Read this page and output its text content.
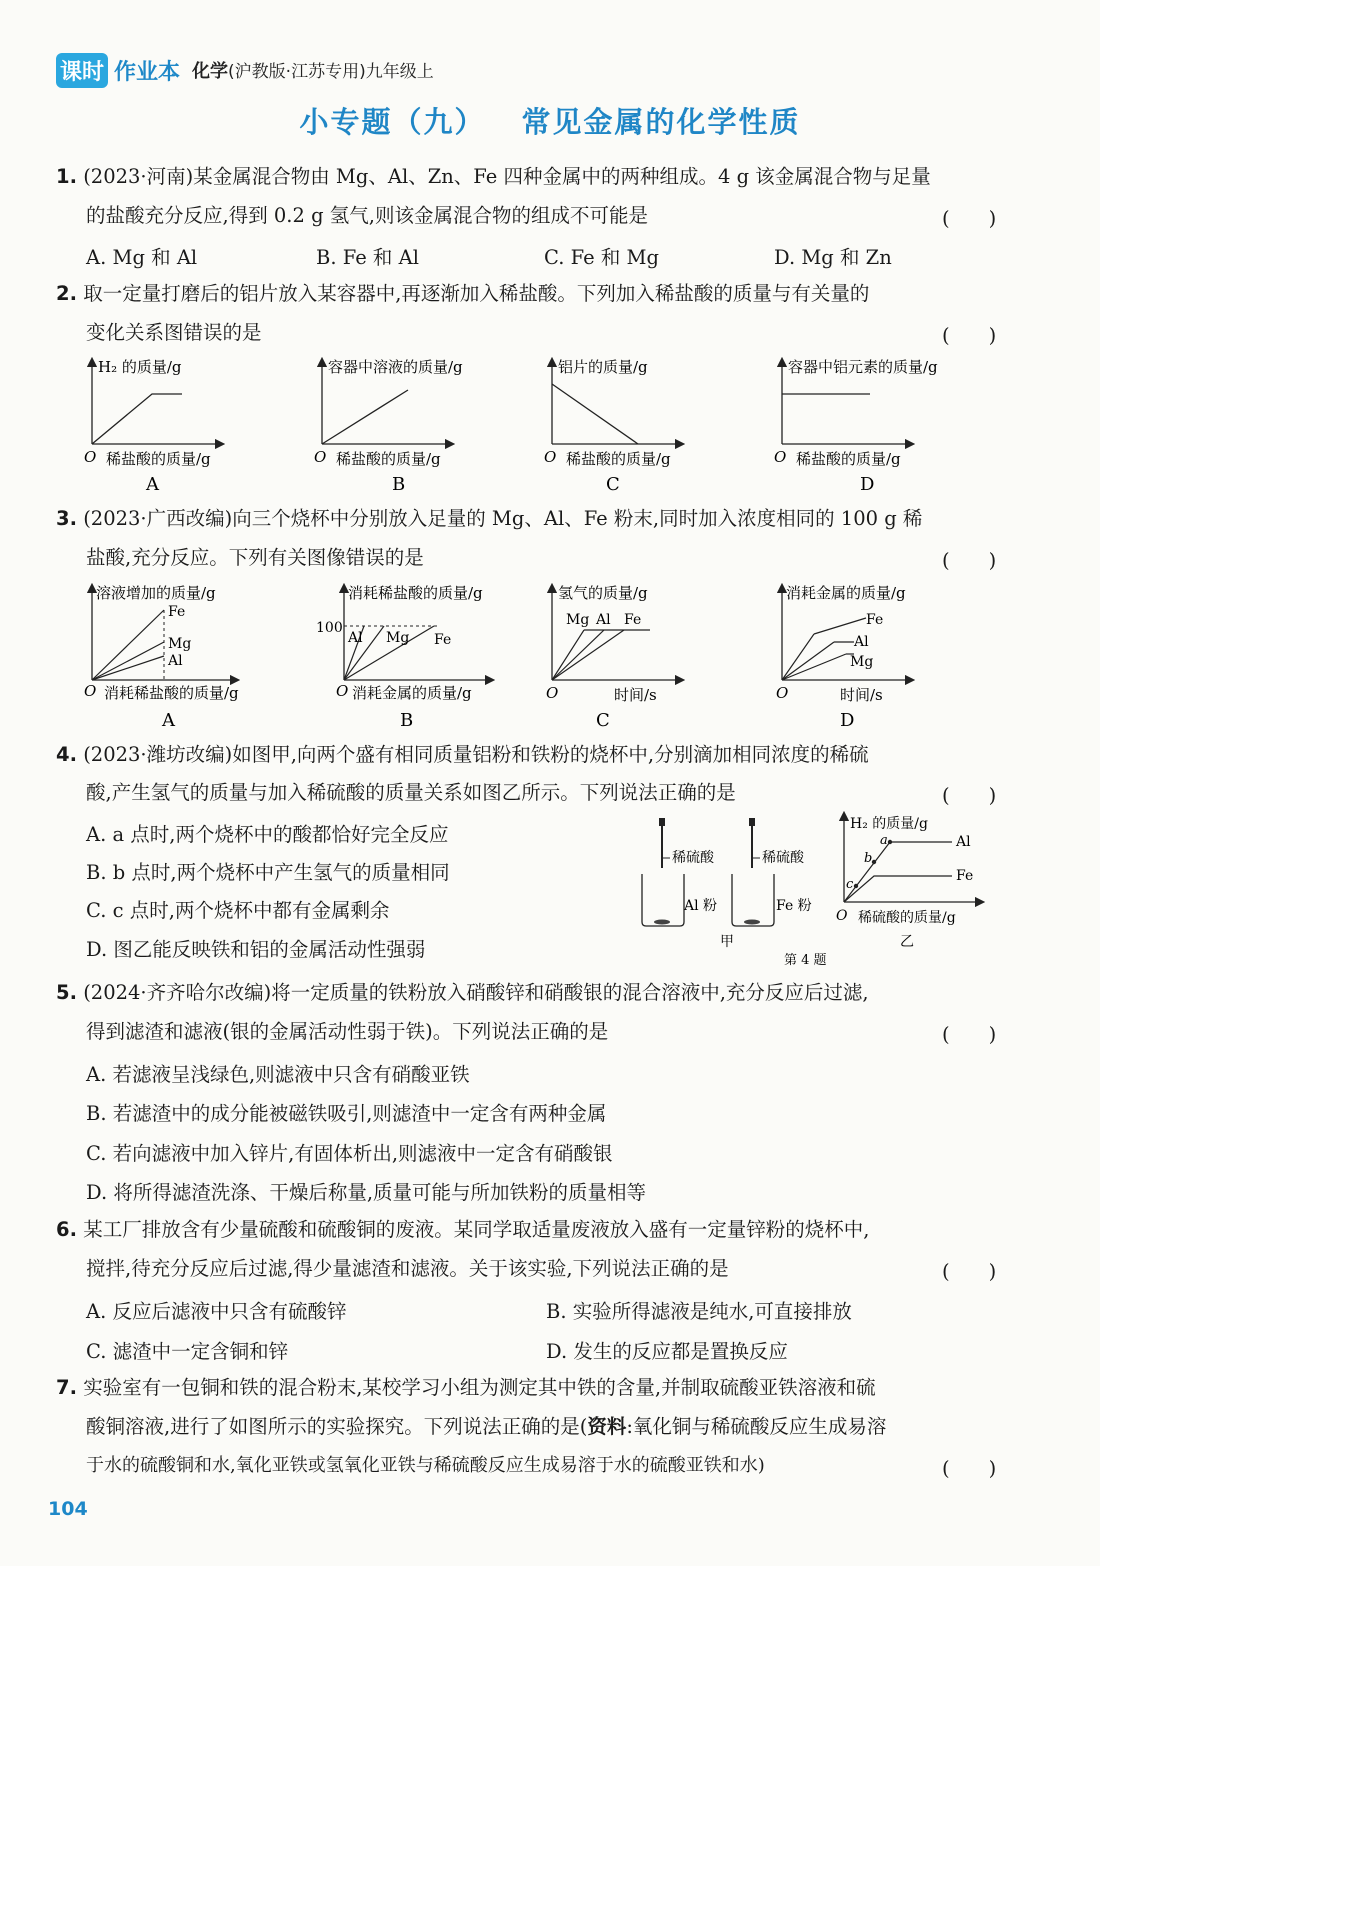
课时 作业本 化学(沪教版·江苏专用)九年级上
小专题（九） 常见金属的化学性质
1. (2023·河南)某金属混合物由 Mg、Al、Zn、Fe 四种金属中的两种组成。4 g 该金属混合物与足量
的盐酸充分反应,得到 0.2 g 氢气,则该金属混合物的组成不可能是	(　　)
A. Mg 和 Al	B. Fe 和 Al	C. Fe 和 Mg	D. Mg 和 Zn
2. 取一定量打磨后的铝片放入某容器中,再逐渐加入稀盐酸。下列加入稀盐酸的质量与有关量的
变化关系图错误的是	(　　)
H₂ 的质量/g
O 稀盐酸的质量/g
A
容器中溶液的质量/g
O 稀盐酸的质量/g
B
铝片的质量/g
O 稀盐酸的质量/g
C
容器中铝元素的质量/g
O 稀盐酸的质量/g
D
3. (2023·广西改编)向三个烧杯中分别放入足量的 Mg、Al、Fe 粉末,同时加入浓度相同的 100 g 稀
盐酸,充分反应。下列有关图像错误的是	(　　)
溶液增加的质量/g
Fe
Mg
Al
O 消耗稀盐酸的质量/g
A
消耗稀盐酸的质量/g
100
Al Mg Fe
O 消耗金属的质量/g
B
氢气的质量/g
Mg Al Fe
O	时间/s
C
消耗金属的质量/g
Fe
Al
Mg
O	时间/s
D
4. (2023·潍坊改编)如图甲,向两个盛有相同质量铝粉和铁粉的烧杯中,分别滴加相同浓度的稀硫
酸,产生氢气的质量与加入稀硫酸的质量关系如图乙所示。下列说法正确的是	(　　)
A. a 点时,两个烧杯中的酸都恰好完全反应
B. b 点时,两个烧杯中产生氢气的质量相同
C. c 点时,两个烧杯中都有金属剩余
D. 图乙能反映铁和铝的金属活动性强弱
稀硫酸
Al 粉
甲
稀硫酸
Fe 粉
H₂ 的质量/g
a
b
c
Al
Fe
O 稀硫酸的质量/g
乙
第 4 题
5. (2024·齐齐哈尔改编)将一定质量的铁粉放入硝酸锌和硝酸银的混合溶液中,充分反应后过滤,
得到滤渣和滤液(银的金属活动性弱于铁)。下列说法正确的是	(　　)
A. 若滤液呈浅绿色,则滤液中只含有硝酸亚铁
B. 若滤渣中的成分能被磁铁吸引,则滤渣中一定含有两种金属
C. 若向滤液中加入锌片,有固体析出,则滤液中一定含有硝酸银
D. 将所得滤渣洗涤、干燥后称量,质量可能与所加铁粉的质量相等
6. 某工厂排放含有少量硫酸和硫酸铜的废液。某同学取适量废液放入盛有一定量锌粉的烧杯中,
搅拌,待充分反应后过滤,得少量滤渣和滤液。关于该实验,下列说法正确的是	(　　)
A. 反应后滤液中只含有硫酸锌	B. 实验所得滤液是纯水,可直接排放
C. 滤渣中一定含铜和锌	D. 发生的反应都是置换反应
7. 实验室有一包铜和铁的混合粉末,某校学习小组为测定其中铁的含量,并制取硫酸亚铁溶液和硫
酸铜溶液,进行了如图所示的实验探究。下列说法正确的是(资料:氧化铜与稀硫酸反应生成易溶
于水的硫酸铜和水,氧化亚铁或氢氧化亚铁与稀硫酸反应生成易溶于水的硫酸亚铁和水)	(　　)
104
